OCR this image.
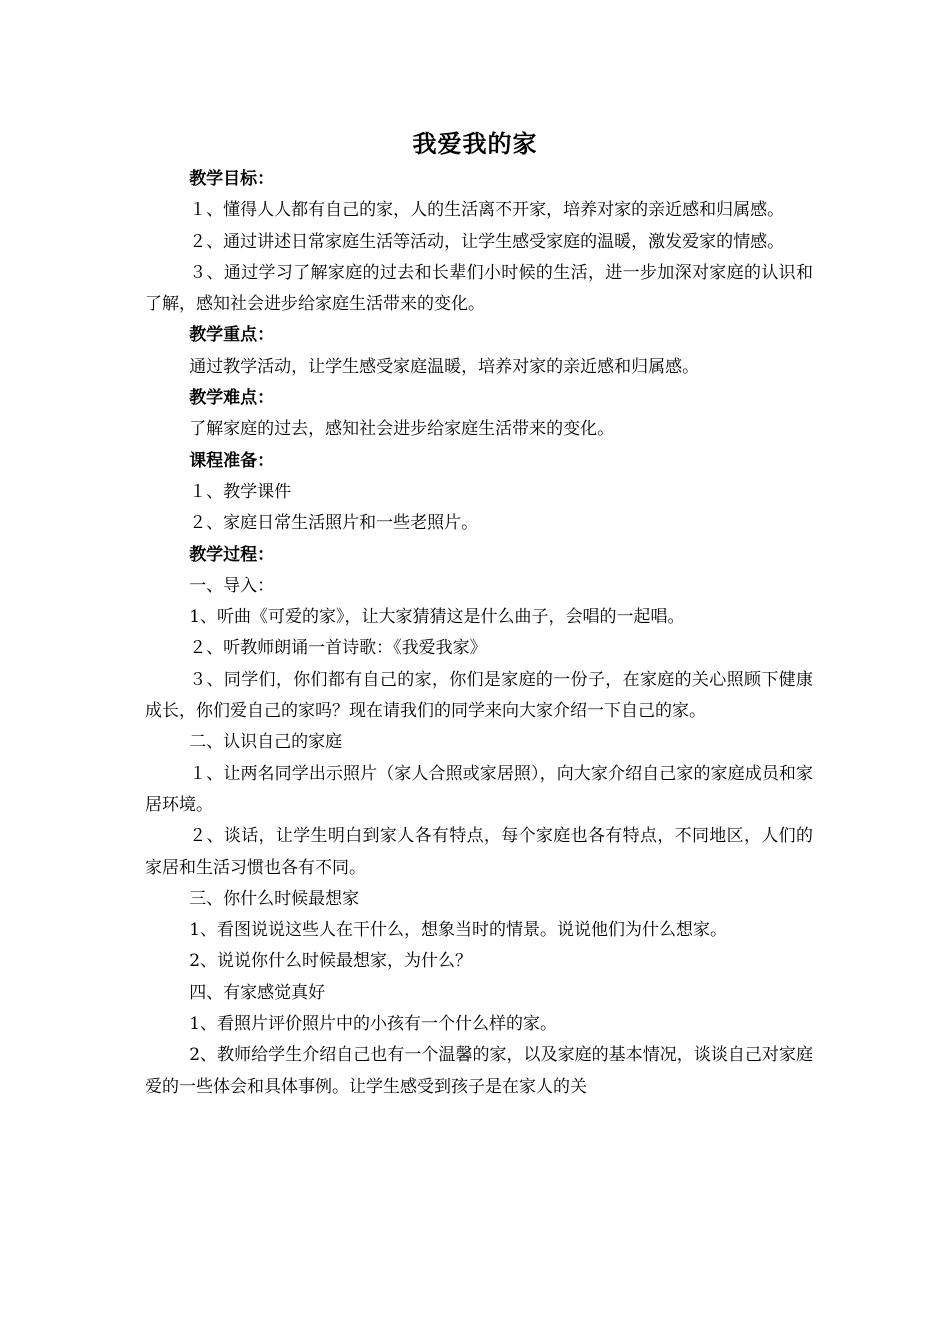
我爱我的家

教学目标：

１、懂得人人都有自己的家，人的生活离不开家，培养对家的亲近感和归属感。

２、通过讲述日常家庭生活等活动，让学生感受家庭的温暖，激发爱家的情感。

３、通过学习了解家庭的过去和长辈们小时候的生活，进一步加深对家庭的认识和了解，感知社会进步给家庭生活带来的变化。

教学重点：

通过教学活动，让学生感受家庭温暖，培养对家的亲近感和归属感。

教学难点：

了解家庭的过去，感知社会进步给家庭生活带来的变化。

课程准备：

１、教学课件

２、家庭日常生活照片和一些老照片。

教学过程：

一、导入：

1、听曲《可爱的家》，让大家猜猜这是什么曲子，会唱的一起唱。

２、听教师朗诵一首诗歌：《我爱我家》

３、同学们，你们都有自己的家，你们是家庭的一份子，在家庭的关心照顾下健康成长，你们爱自己的家吗？现在请我们的同学来向大家介绍一下自己的家。

二、认识自己的家庭

１、让两名同学出示照片（家人合照或家居照），向大家介绍自己家的家庭成员和家居环境。

２、谈话，让学生明白到家人各有特点，每个家庭也各有特点，不同地区，人们的家居和生活习惯也各有不同。

三、你什么时候最想家

1、看图说说这些人在干什么，想象当时的情景。说说他们为什么想家。

2、说说你什么时候最想家，为什么？

四、有家感觉真好

1、看照片评价照片中的小孩有一个什么样的家。

2、教师给学生介绍自己也有一个温馨的家，以及家庭的基本情况，谈谈自己对家庭爱的一些体会和具体事例。让学生感受到孩子是在家人的关
